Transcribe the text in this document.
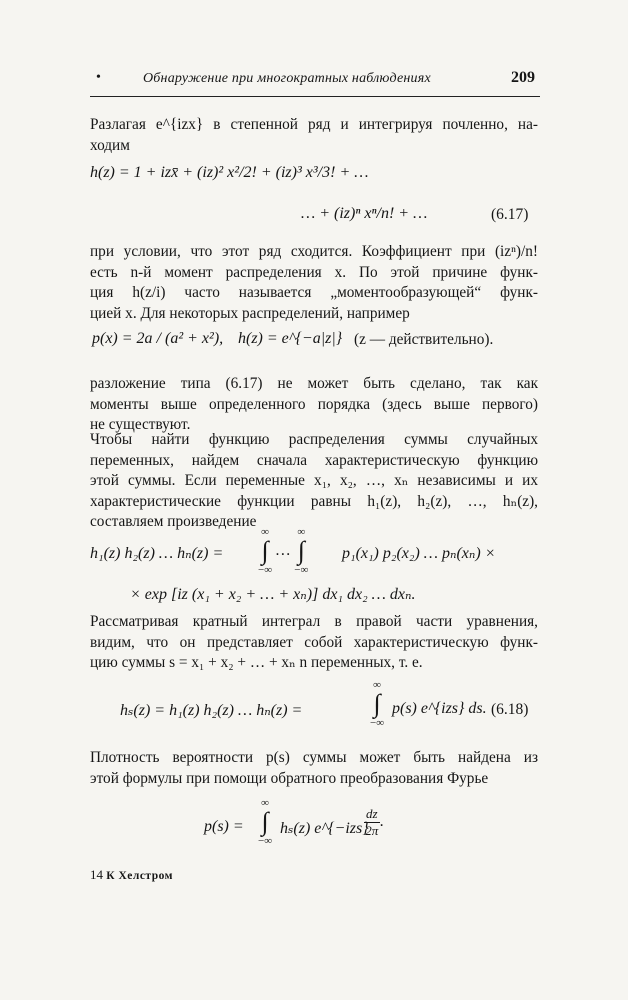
•	Обнаружение при многократных наблюдениях	209
Разлагая e^{izx} в степенной ряд и интегрируя почленно, на-
ходим
h(z) = 1 + izx̄ + (iz)² x²/2! + (iz)³ x³/3! + …
… + (iz)ⁿ xⁿ/n! + …	(6.17)
при условии, что этот ряд сходится. Коэффициент при (izⁿ)/n!
есть n-й момент распределения x. По этой причине функ-
ция h(z/i) часто называется „моментообразующей“ функ-
цией x. Для некоторых распределений, например
p(x) = 2a / (a² + x²), h(z) = e^{−a|z|} (z — действительно).
разложение типа (6.17) не может быть сделано, так как
моменты выше определенного порядка (здесь выше первого)
не существуют.
Чтобы найти функцию распределения суммы случайных
переменных, найдем сначала характеристическую функцию
этой суммы. Если переменные x₁, x₂, …, xₙ независимы и их
характеристические функции равны h₁(z), h₂(z), …, hₙ(z),
составляем произведение
h₁(z) h₂(z) … hₙ(z) =
∞
∫
−∞
…
∞
∫
−∞
p₁(x₁) p₂(x₂) … pₙ(xₙ) ×
× exp [iz (x₁ + x₂ + … + xₙ)] dx₁ dx₂ … dxₙ.
Рассматривая кратный интеграл в правой части уравнения,
видим, что он представляет собой характеристическую функ-
цию суммы s = x₁ + x₂ + … + xₙ n переменных, т. е.
hₛ(z) = h₁(z) h₂(z) … hₙ(z) =
∞
∫
−∞
p(s) e^{izs} ds. (6.18)
Плотность вероятности p(s) суммы может быть найдена из
этой формулы при помощи обратного преобразования Фурье
p(s) =
∞
∫
−∞
hₛ(z) e^{−izs}
$\frac{dz}{2\pi}$ .
14 К Хелстром
